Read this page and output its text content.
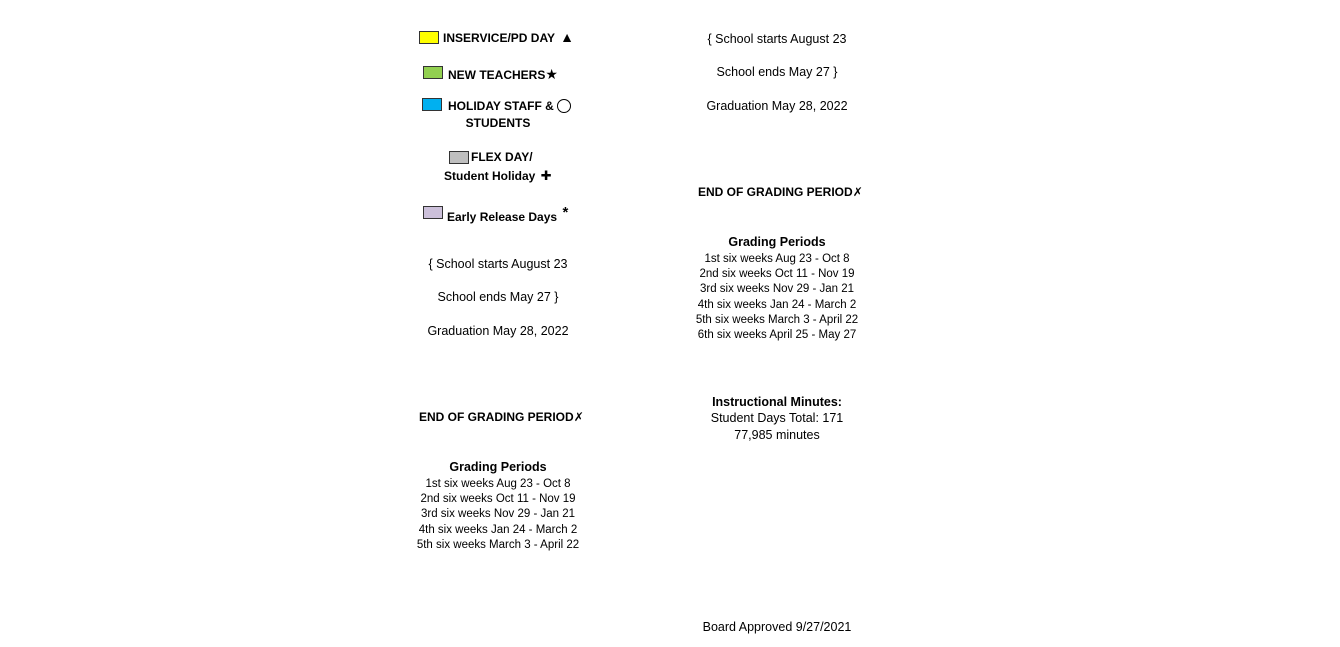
INSERVICE/PD DAY ▲
NEW TEACHERS★
HOLIDAY STAFF &
STUDENTS
FLEX DAY/
Student Holiday ✚
Early Release Days *
{ School starts August 23
School ends May 27 }
Graduation May 28, 2022
END OF GRADING PERIOD✗
Grading Periods
1st six weeks Aug 23 - Oct 8
2nd six weeks Oct 11 - Nov 19
3rd six weeks Nov 29 - Jan 21
4th six weeks Jan 24 - March 2
5th six weeks March 3 - April 22
{ School starts August 23
School ends May 27 }
Graduation May 28, 2022
END OF GRADING PERIOD✗
Grading Periods
1st six weeks Aug 23 - Oct 8
2nd six weeks Oct 11 - Nov 19
3rd six weeks Nov 29 - Jan 21
4th six weeks Jan 24 - March 2
5th six weeks March 3 - April 22
6th six weeks April 25 - May 27
Instructional Minutes:
Student Days Total: 171
77,985 minutes
Board Approved 9/27/2021
